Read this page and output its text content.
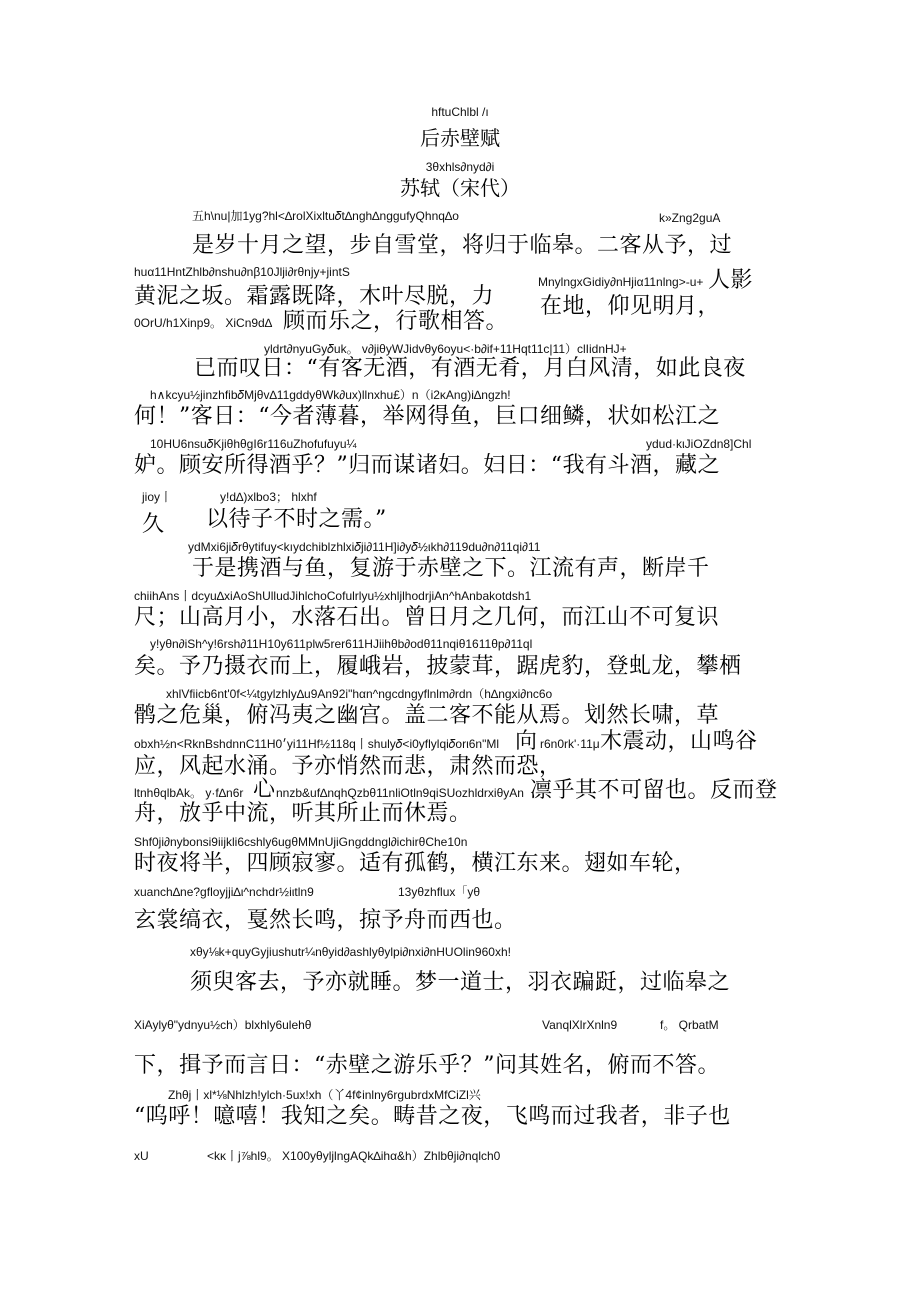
hftuChlbl /ı
后赤壁赋
3θxhls∂nyd∂i
苏轼（宋代）
五h\nu|加1yg?hl<∆rolXixltu𝛿t∆ngh∆nggufyQhnq∆o	k»Zng2guA
是岁十月之望，步自雪堂，将归于临皋。二客从予，过
huα11HntZhlb∂nshu∂nβ10Jlji∂rθnjy+jintS
MnylngxGidiy∂nHjiα11nlng>-u+ 人影
黄泥之坂。霜露既降，木叶尽脱，力 在地，仰见明月，
0OrU/h1Xinp9。 XiCn9d∆ 顾而乐之，行歌相答。
yldrt∂nyuGy𝛿uk。 v∂jiθyWJidvθy6oyu<·b∂if+11Hqt11c|11）clIidnHJ+
已而叹日：“有客无酒，有酒无肴，月白风清，如此良夜
h∧kcyu½jinzhfib𝛿Mjθv∆11gddyθWk∂ux)llnxhu£）n（i2κAng)i∆ngzh!
何！”客日：“今者薄暮，举网得鱼，巨口细鳞，状如松江之
10HU6nsu𝛿KjiθhθgI6r116uZhofufuyu¼	ydud·kιJiOZdn8]Chl
妒。顾安所得酒乎？”归而谋诸妇。妇日：“我有斗酒，藏之
jioy丨	y!d∆)xlbo3； hlxhf
久 以待子不时之需。”
ydMxi6ji𝛿rθytifuy<kıydchiblzhlxi𝛿ji∂11H]i∂y𝛿½ιkh∂119du∂n∂11qi∂11
于是携酒与鱼，复游于赤壁之下。江流有声，断岸千
chiihAns丨dcyu∆xiAoShUlludJihlchoCofulrlyu½xhljlhodrjiAn^hAnbakotdsh1
尺；山高月小，水落石出。曾日月之几何，而江山不可复识
y!yθn∂iSh^y!6rsh∂11H10y611plw5rer611HJiihθb∂odθ11nqiθ1611θp∂11ql
矣。予乃摄衣而上，履峨岩，披蒙茸，踞虎豹，登虬龙，攀栖
xhlVfiicb6nt'0f<¼tgylzhly∆u9An92i"hαn^ngcdngyflnlm∂rdn（h∆ngxi∂nc6o
鹘之危巢，俯冯夷之幽宫。盖二客不能从焉。划然长啸，草
obxh½n<RknBshdnnC11H׳0yi11Hf½118q丨shuly𝛿<i0yflylqi𝛿orι6n"Ml 向 r6n0rk'·11μ 木震动，山鸣谷
应，风起水涌。予亦悄然而悲，肃然而恐，
ltnhθqlbAk。 y·f∆n6r 心 nnzb&uf∆nqhQzbθ11nliOtln9qiSUozhldrxiθyAn 凛乎其不可留也。反而登
舟，放乎中流，听其所止而休焉。
Shf0ji∂nybonsi9iijkli6cshly6ugθMMnUjiGngddngl∂ichirθChe10n
时夜将半，四顾寂寥。适有孤鹤，横江东来。翅如车轮，
xuanch∆ne?gfloyjji∆ι^nchdr½iιtln9	13yθzhflux「yθ
玄裳缟衣，戛然长鸣，掠予舟而西也。
xθy⅛k+quyGyjiushutr¼nθyid∂ashlyθylpi∂nxi∂nHUOlin960xh!
须臾客去，予亦就睡。梦一道士，羽衣蹁跹，过临皋之
XiAylyθ"ydnyu½ch）blxhly6ulehθ	VanqlXlrXnln9	f。 QrbatM
下，揖予而言日：“赤壁之游乐乎？”问其姓名，俯而不答。
Zhθj丨xl*⅛Nhlzh!ylch·5ux!xh（丫4f¢inlny6rgubrdxMfCiZl兴
“呜呼！噫嘻！我知之矣。畴昔之夜，飞鸣而过我者，非子也
xU	<kκ丨j⅞hl9。 X100yθyljlngAQk∆ihα&h）Zhlbθji∂nqlch0
